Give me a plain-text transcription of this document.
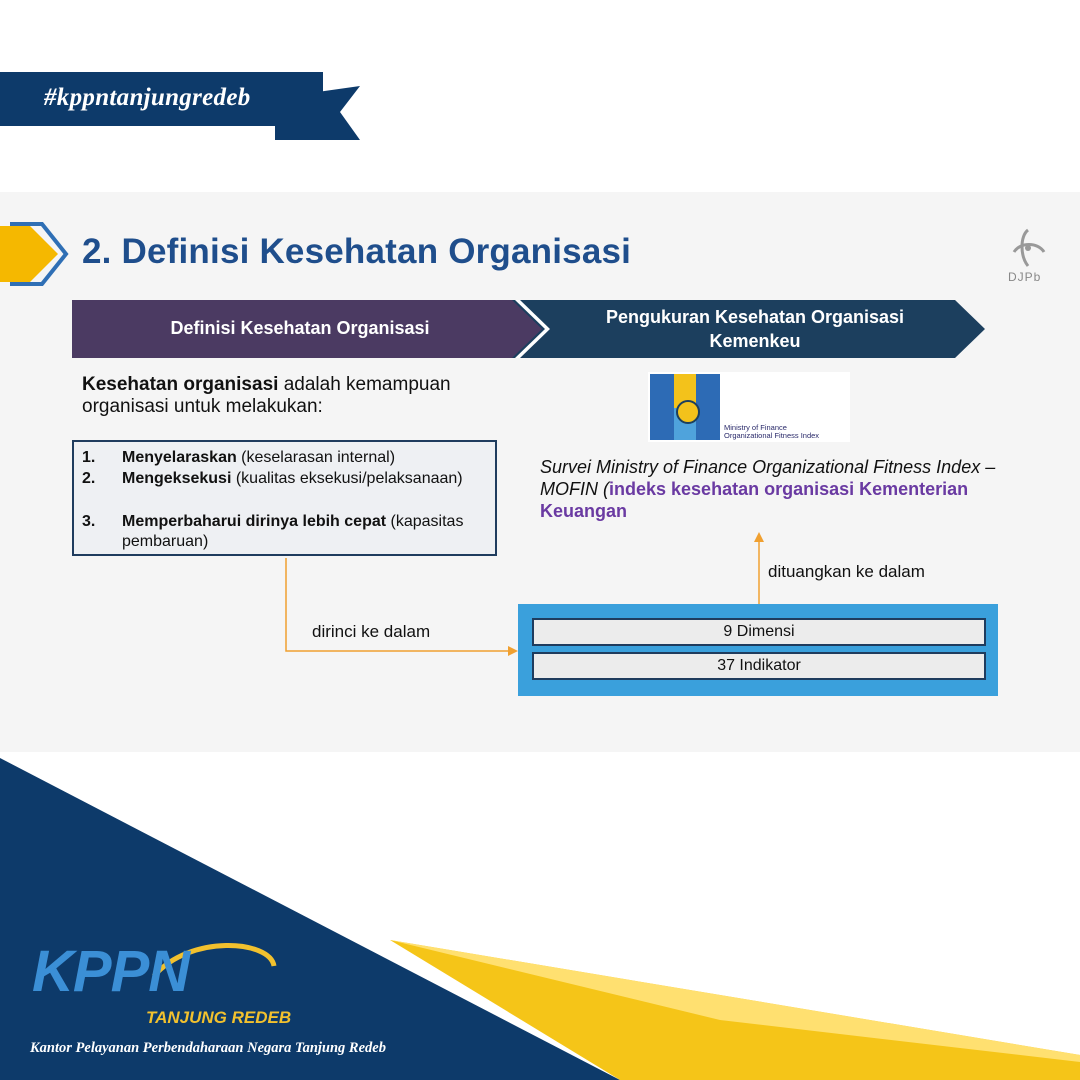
#kppntanjungredeb
2. Definisi Kesehatan Organisasi
DJPb
Definisi Kesehatan Organisasi
Pengukuran Kesehatan Organisasi Kemenkeu
Kesehatan organisasi adalah kemampuan organisasi untuk melakukan:
1. Menyelaraskan (keselarasan internal)
2. Mengeksekusi (kualitas eksekusi/pelaksanaan)
3. Memperbaharui dirinya lebih cepat (kapasitas pembaruan)
Ministry of Finance
Organizational Fitness Index
Survei Ministry of Finance Organizational Fitness Index – MOFIN (indeks kesehatan organisasi Kementerian Keuangan
dirinci ke dalam
dituangkan ke dalam
9 Dimensi
37 Indikator
KPPN
TANJUNG REDEB
Kantor Pelayanan Perbendaharaan Negara Tanjung Redeb
